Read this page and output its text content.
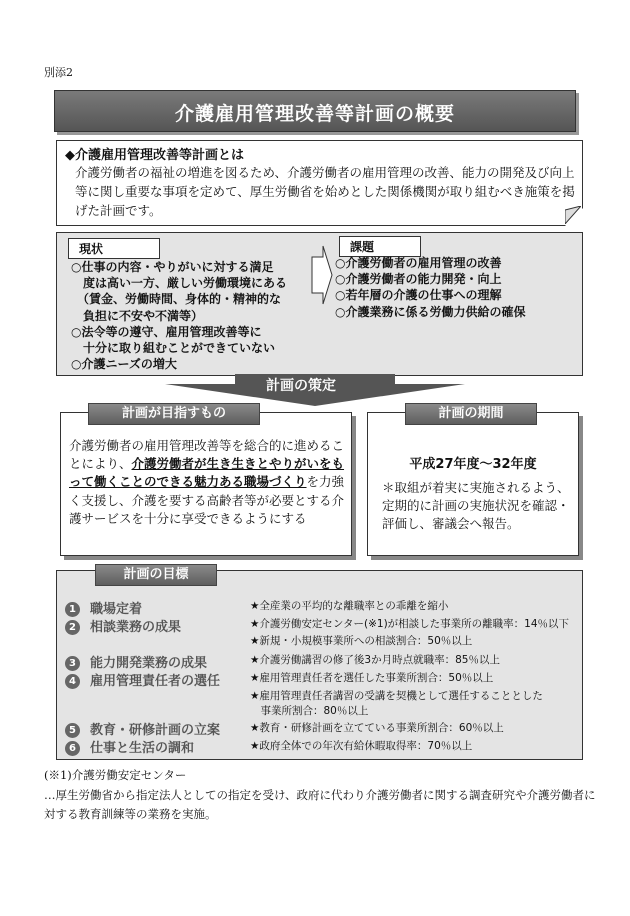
別添2
介護雇用管理改善等計画の概要
◆介護雇用管理改善等計画とは
介護労働者の福祉の増進を図るため、介護労働者の雇用管理の改善、能力の開発及び向上等に関し重要な事項を定めて、厚生労働省を始めとした関係機関が取り組むべき施策を掲げた計画です。
現状
○仕事の内容・やりがいに対する満足
　度は高い一方、厳しい労働環境にある
　（賃金、労働時間、身体的・精神的な
　負担に不安や不満等）
○法令等の遵守、雇用管理改善等に
　十分に取り組むことができていない
○介護ニーズの増大
課題
○介護労働者の雇用管理の改善
○介護労働者の能力開発・向上
○若年層の介護の仕事への理解
○介護業務に係る労働力供給の確保
計画の策定
介護労働者の雇用管理改善等を総合的に進めることにより、介護労働者が生き生きとやりがいをもって働くことのできる魅力ある職場づくりを力強く支援し、介護を要する高齢者等が必要とする介護サービスを十分に享受できるようにする
計画が目指すもの
平成27年度～32年度
＊取組が着実に実施されるよう、定期的に計画の実施状況を確認・評価し、審議会へ報告。
計画の期間
1 職場定着
2 相談業務の成果
3 能力開発業務の成果
4 雇用管理責任者の選任
5 教育・研修計画の立案
6 仕事と生活の調和
★全産業の平均的な離職率との乖離を縮小
★介護労働安定センター(※1)が相談した事業所の離職率：14％以下
★新規・小規模事業所への相談割合：50％以上
★介護労働講習の修了後3か月時点就職率：85％以上
★雇用管理責任者を選任した事業所割合：50％以上
★雇用管理責任者講習の受講を契機として選任することとした
　事業所割合：80％以上
★教育・研修計画を立てている事業所割合：60％以上
★政府全体での年次有給休暇取得率：70％以上
計画の目標
(※1)介護労働安定センター
…厚生労働省から指定法人としての指定を受け、政府に代わり介護労働者に関する調査研究や介護労働者に対する教育訓練等の業務を実施。
